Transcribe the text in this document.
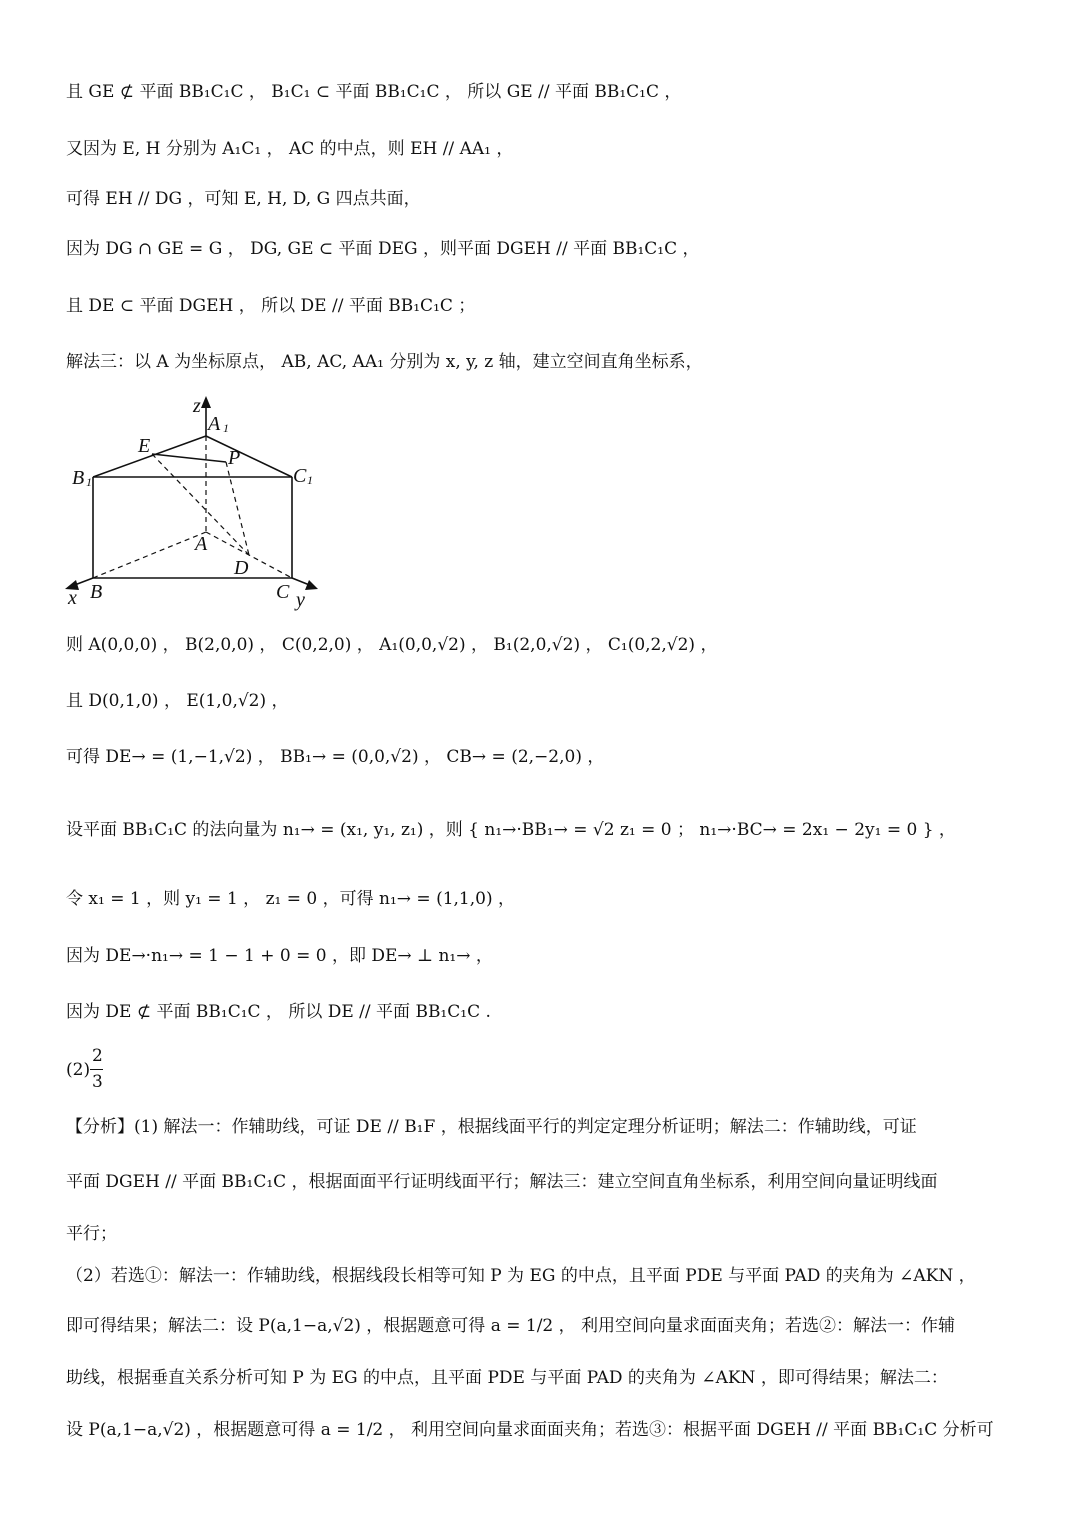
且 GE ⊄ 平面 BB₁C₁C ， B₁C₁ ⊂ 平面 BB₁C₁C ， 所以 GE // 平面 BB₁C₁C ，
又因为 E, H 分别为 A₁C₁ ， AC 的中点，则 EH // AA₁ ，
可得 EH // DG ，可知 E, H, D, G 四点共面，
因为 DG ∩ GE = G ， DG, GE ⊂ 平面 DEG ，则平面 DGEH // 平面 BB₁C₁C ，
且 DE ⊂ 平面 DGEH ， 所以 DE // 平面 BB₁C₁C ；
解法三：以 A 为坐标原点， AB, AC, AA₁ 分别为 x, y, z 轴，建立空间直角坐标系，
z
A 1
E
P
B 1	C 1
A
D
x B	C y
则 A(0,0,0) ， B(2,0,0) ， C(0,2,0) ， A₁(0,0,√2) ， B₁(2,0,√2) ， C₁(0,2,√2) ，
且 D(0,1,0) ， E(1,0,√2) ，
可得 DE→ = (1,−1,√2) ， BB₁→ = (0,0,√2) ， CB→ = (2,−2,0) ，
设平面 BB₁C₁C 的法向量为 n₁→ = (x₁, y₁, z₁) ，则 { n₁→·BB₁→ = √2 z₁ = 0 ； n₁→·BC→ = 2x₁ − 2y₁ = 0 } ，
令 x₁ = 1 ，则 y₁ = 1 ， z₁ = 0 ，可得 n₁→ = (1,1,0) ，
因为 DE→·n₁→ = 1 − 1 + 0 = 0 ，即 DE→ ⊥ n₁→ ，
因为 DE ⊄ 平面 BB₁C₁C ， 所以 DE // 平面 BB₁C₁C .
(2)
2
3
【分析】(1) 解法一：作辅助线，可证 DE // B₁F ，根据线面平行的判定定理分析证明；解法二：作辅助线，可证
平面 DGEH // 平面 BB₁C₁C ，根据面面平行证明线面平行；解法三：建立空间直角坐标系，利用空间向量证明线面
平行；
（2）若选①：解法一：作辅助线，根据线段长相等可知 P 为 EG 的中点，且平面 PDE 与平面 PAD 的夹角为 ∠AKN ，
即可得结果；解法二：设 P(a,1−a,√2) ，根据题意可得 a = 1/2 ， 利用空间向量求面面夹角；若选②：解法一：作辅
助线，根据垂直关系分析可知 P 为 EG 的中点，且平面 PDE 与平面 PAD 的夹角为 ∠AKN ，即可得结果；解法二：
设 P(a,1−a,√2) ，根据题意可得 a = 1/2 ， 利用空间向量求面面夹角；若选③：根据平面 DGEH // 平面 BB₁C₁C 分析可
